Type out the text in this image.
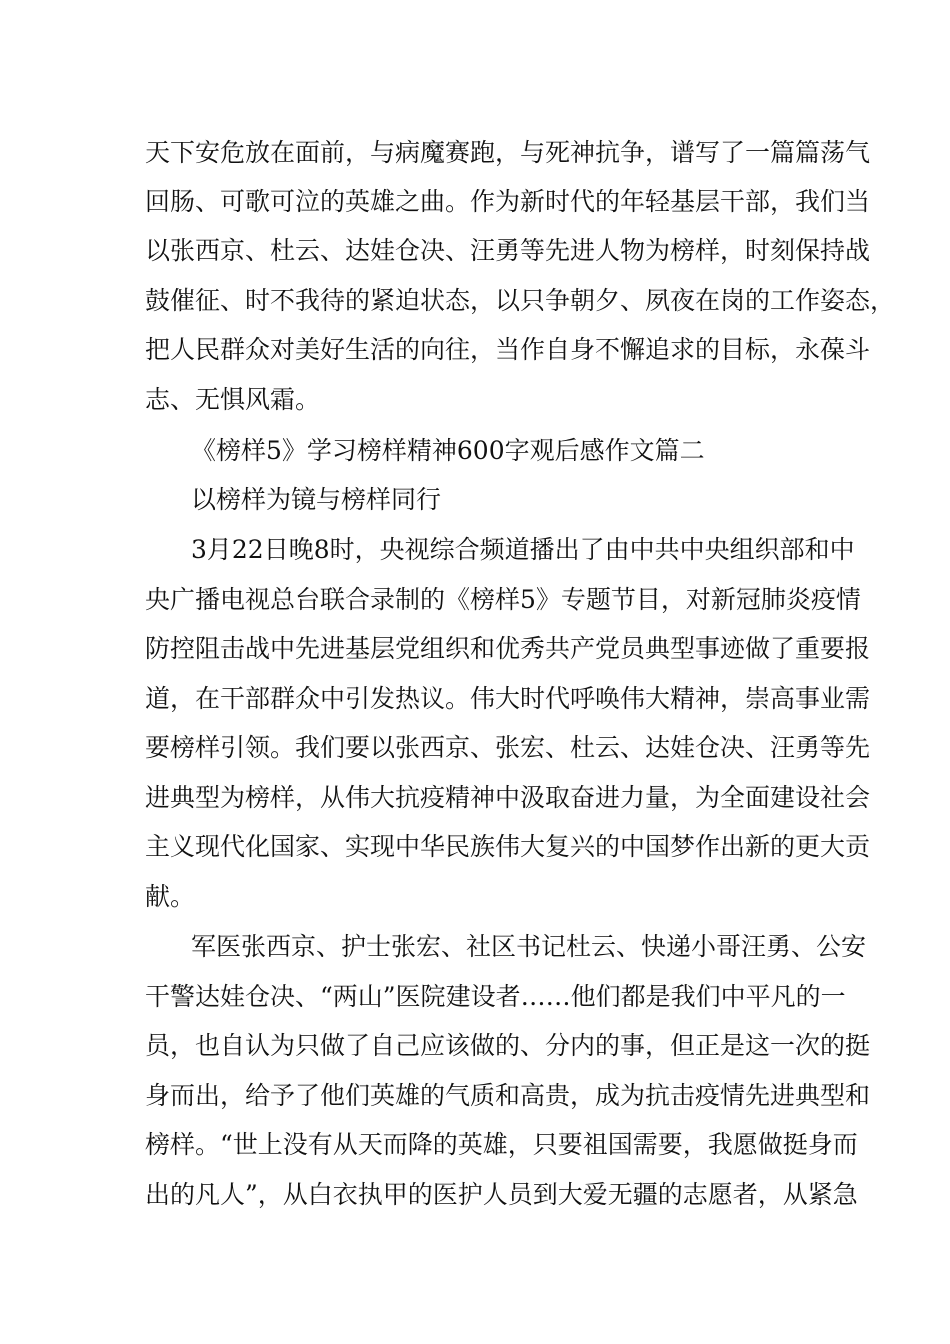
天下安危放在面前，与病魔赛跑，与死神抗争，谱写了一篇篇荡气
回肠、可歌可泣的英雄之曲。作为新时代的年轻基层干部，我们当
以张西京、杜云、达娃仓决、汪勇等先进人物为榜样，时刻保持战
鼓催征、时不我待的紧迫状态，以只争朝夕、夙夜在岗的工作姿态，
把人民群众对美好生活的向往，当作自身不懈追求的目标，永葆斗
志、无惧风霜。
《榜样5》学习榜样精神600字观后感作文篇二
以榜样为镜与榜样同行
3月22日晚8时，央视综合频道播出了由中共中央组织部和中
央广播电视总台联合录制的《榜样5》专题节目，对新冠肺炎疫情
防控阻击战中先进基层党组织和优秀共产党员典型事迹做了重要报
道，在干部群众中引发热议。伟大时代呼唤伟大精神，崇高事业需
要榜样引领。我们要以张西京、张宏、杜云、达娃仓决、汪勇等先
进典型为榜样，从伟大抗疫精神中汲取奋进力量，为全面建设社会
主义现代化国家、实现中华民族伟大复兴的中国梦作出新的更大贡
献。
军医张西京、护士张宏、社区书记杜云、快递小哥汪勇、公安
干警达娃仓决、“两山”医院建设者……他们都是我们中平凡的一
员，也自认为只做了自己应该做的、分内的事，但正是这一次的挺
身而出，给予了他们英雄的气质和高贵，成为抗击疫情先进典型和
榜样。“世上没有从天而降的英雄，只要祖国需要，我愿做挺身而
出的凡人”，从白衣执甲的医护人员到大爱无疆的志愿者，从紧急
